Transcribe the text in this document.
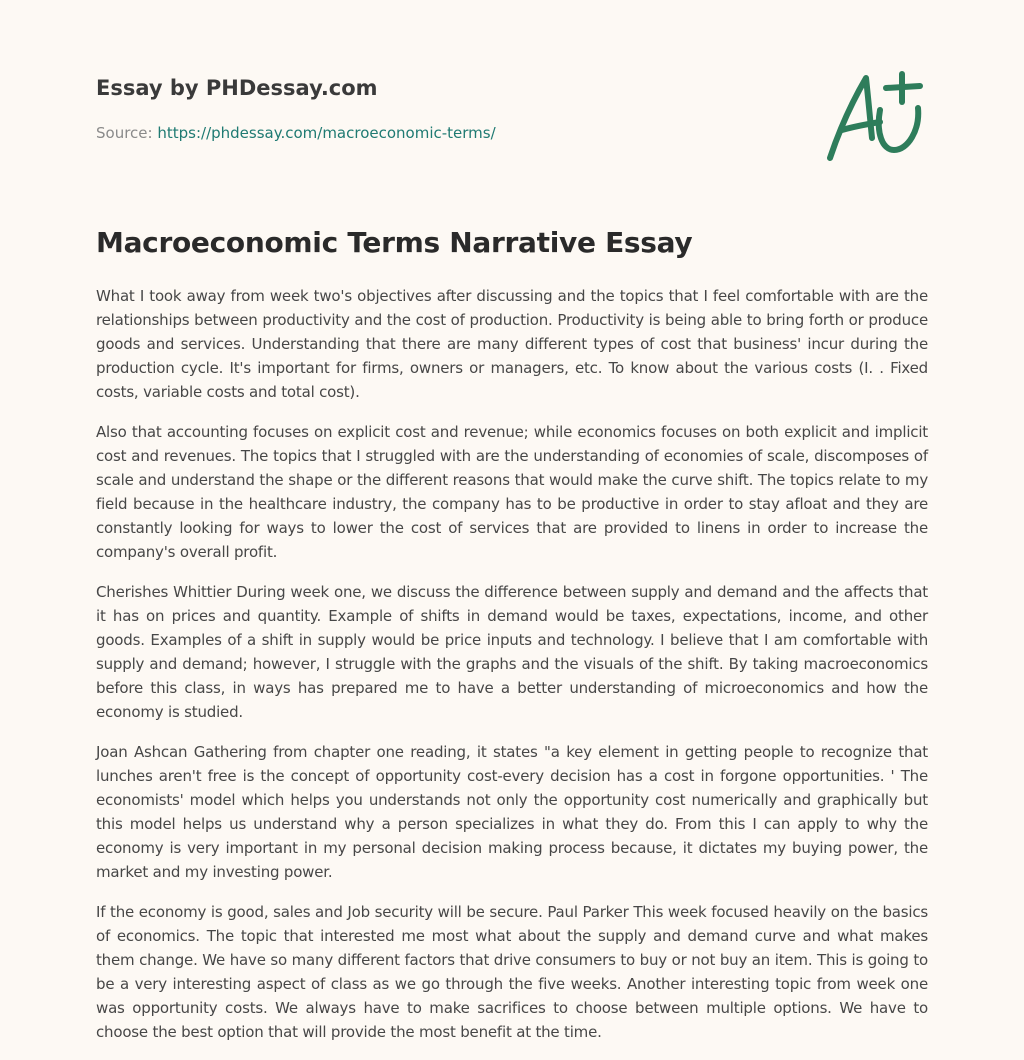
Essay by PHDessay.com
Source: https://phdessay.com/macroeconomic-terms/
Macroeconomic Terms Narrative Essay

What I took away from week two's objectives after discussing and the topics that I feel comfortable with are the relationships between productivity and the cost of production. Productivity is being able to bring forth or produce goods and services. Understanding that there are many different types of cost that business' incur during the production cycle. It's important for firms, owners or managers, etc. To know about the various costs (I. . Fixed costs, variable costs and total cost).

Also that accounting focuses on explicit cost and revenue; while economics focuses on both explicit and implicit cost and revenues. The topics that I struggled with are the understanding of economies of scale, discomposes of scale and understand the shape or the different reasons that would make the curve shift. The topics relate to my field because in the healthcare industry, the company has to be productive in order to stay afloat and they are constantly looking for ways to lower the cost of services that are provided to linens in order to increase the company's overall profit.

Cherishes Whittier During week one, we discuss the difference between supply and demand and the affects that it has on prices and quantity. Example of shifts in demand would be taxes, expectations, income, and other goods. Examples of a shift in supply would be price inputs and technology. I believe that I am comfortable with supply and demand; however, I struggle with the graphs and the visuals of the shift. By taking macroeconomics before this class, in ways has prepared me to have a better understanding of microeconomics and how the economy is studied.

Joan Ashcan Gathering from chapter one reading, it states "a key element in getting people to recognize that lunches aren't free is the concept of opportunity cost-every decision has a cost in forgone opportunities. ' The economists' model which helps you understands not only the opportunity cost numerically and graphically but this model helps us understand why a person specializes in what they do. From this I can apply to why the economy is very important in my personal decision making process because, it dictates my buying power, the market and my investing power.

If the economy is good, sales and Job security will be secure. Paul Parker This week focused heavily on the basics of economics. The topic that interested me most what about the supply and demand curve and what makes them change. We have so many different factors that drive consumers to buy or not buy an item. This is going to be a very interesting aspect of class as we go through the five weeks. Another interesting topic from week one was opportunity costs. We always have to make sacrifices to choose between multiple options. We have to choose the best option that will provide the most benefit at the time.
